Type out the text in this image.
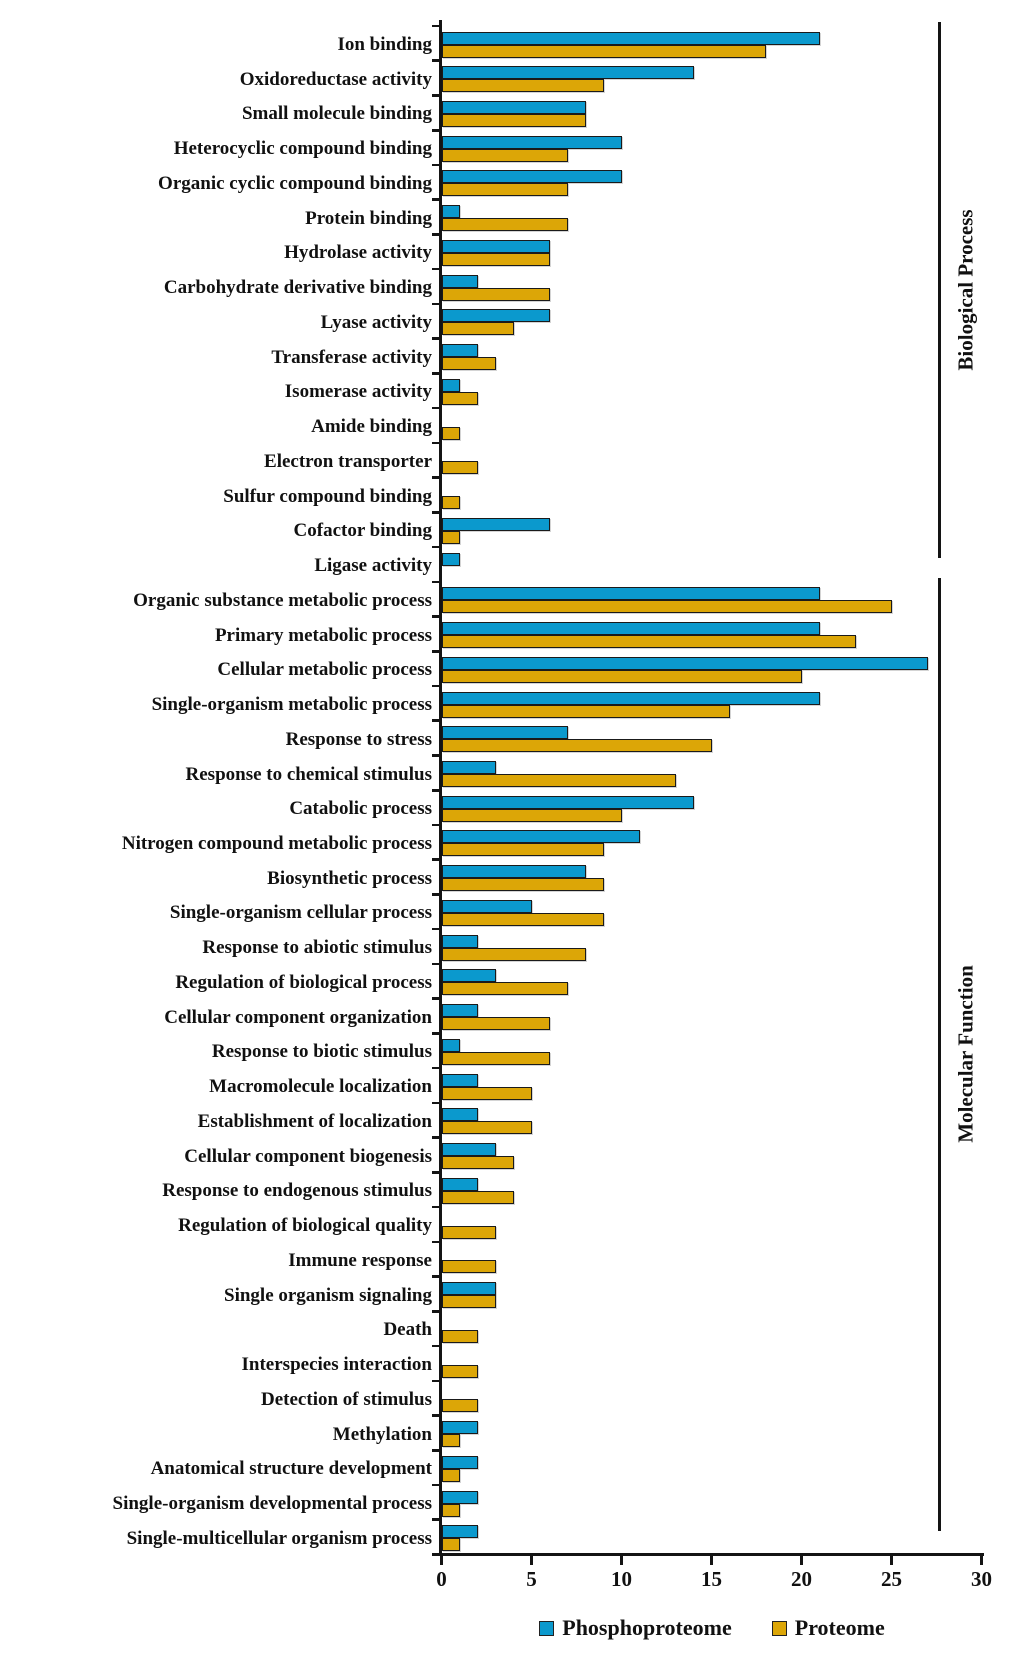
Biological Process
Molecular Function
Phosphoproteome	Proteome
Ion binding
Oxidoreductase activity
Small molecule binding
Heterocyclic compound binding
Organic cyclic compound binding
Protein binding
Hydrolase activity
Carbohydrate derivative binding
Lyase activity
Transferase activity
Isomerase activity
Amide binding
Electron transporter
Sulfur compound binding
Cofactor binding
Ligase activity
Organic substance metabolic process
Primary metabolic process
Cellular metabolic process
Single-organism metabolic process
Response to stress
Response to chemical stimulus
Catabolic process
Nitrogen compound metabolic process
Biosynthetic process
Single-organism cellular process
Response to abiotic stimulus
Regulation of biological process
Cellular component organization
Response to biotic stimulus
Macromolecule localization
Establishment of localization
Cellular component biogenesis
Response to endogenous stimulus
Regulation of biological quality
Immune response
Single organism signaling
Death
Interspecies interaction
Detection of stimulus
Methylation
Anatomical structure development
Single-organism developmental process
Single-multicellular organism process
0	5	10	15	20	25	30
